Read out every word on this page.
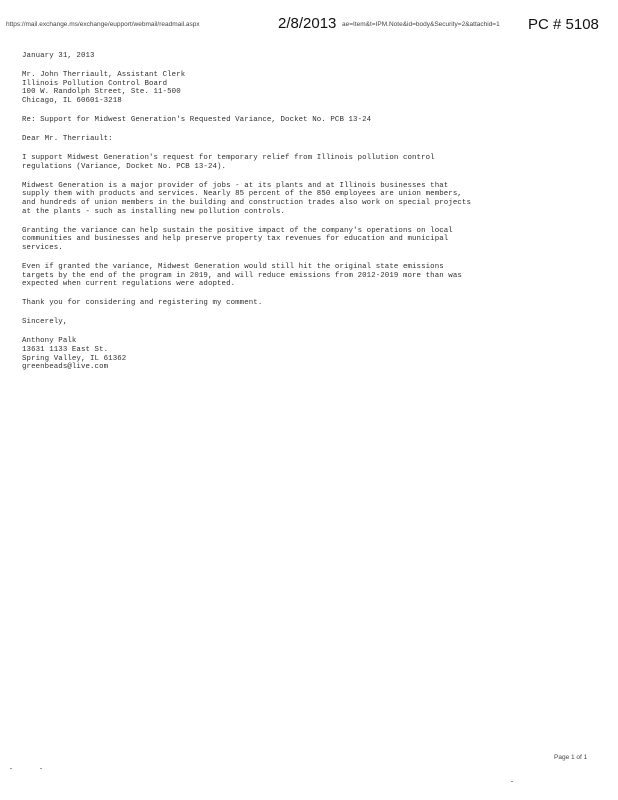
https://mail.exchange.ms/exchange/eupport/webmail/readmail.aspx	2/8/2013 ae=Item&t=IPM.Note&id=body&Security=2&attachid=1	PC # 5108

January 31, 2013

Mr. John Therriault, Assistant Clerk
Illinois Pollution Control Board
100 W. Randolph Street, Ste. 11-500
Chicago, IL 60601-3218

Re: Support for Midwest Generation's Requested Variance, Docket No. PCB 13-24

Dear Mr. Therriault:

I support Midwest Generation's request for temporary relief from Illinois pollution control
regulations (Variance, Docket No. PCB 13-24).

Midwest Generation is a major provider of jobs - at its plants and at Illinois businesses that
supply them with products and services. Nearly 85 percent of the 850 employees are union members,
and hundreds of union members in the building and construction trades also work on special projects
at the plants - such as installing new pollution controls.

Granting the variance can help sustain the positive impact of the company's operations on local
communities and businesses and help preserve property tax revenues for education and municipal
services.

Even if granted the variance, Midwest Generation would still hit the original state emissions
targets by the end of the program in 2019, and will reduce emissions from 2012-2019 more than was
expected when current regulations were adopted.

Thank you for considering and registering my comment.

Sincerely,

Anthony Palk
13631 1133 East St.
Spring Valley, IL 61362
greenbeads@live.com

Page 1 of 1
